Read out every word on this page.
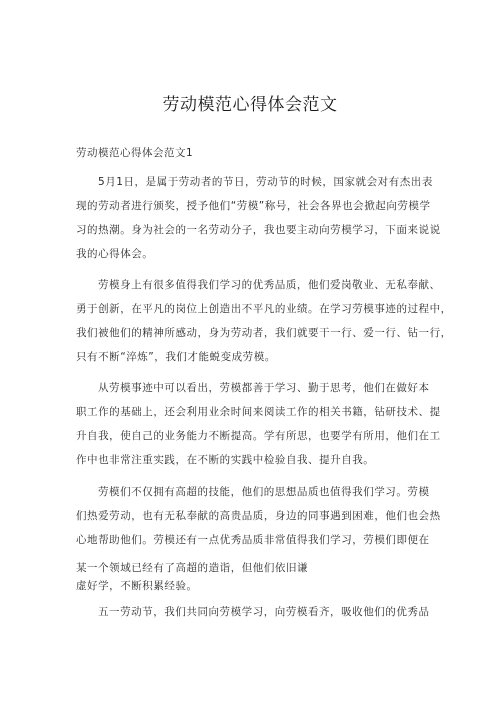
劳动模范心得体会范文
劳动模范心得体会范文1
5月1日，是属于劳动者的节日，劳动节的时候，国家就会对有杰出表
现的劳动者进行颁奖，授予他们“劳模”称号，社会各界也会掀起向劳模学
习的热潮。身为社会的一名劳动分子，我也要主动向劳模学习，下面来说说
我的心得体会。
劳模身上有很多值得我们学习的优秀品质，他们爱岗敬业、无私奉献、
勇于创新，在平凡的岗位上创造出不平凡的业绩。在学习劳模事迹的过程中，
我们被他们的精神所感动，身为劳动者，我们就要干一行、爱一行、钻一行，
只有不断“淬炼”，我们才能蜕变成劳模。
从劳模事迹中可以看出，劳模都善于学习、勤于思考，他们在做好本
职工作的基础上，还会利用业余时间来阅读工作的相关书籍，钻研技术、提
升自我，使自己的业务能力不断提高。学有所思，也要学有所用，他们在工
作中也非常注重实践，在不断的实践中检验自我、提升自我。
劳模们不仅拥有高超的技能，他们的思想品质也值得我们学习。劳模
们热爱劳动，也有无私奉献的高贵品质，身边的同事遇到困难，他们也会热
心地帮助他们。劳模还有一点优秀品质非常值得我们学习，劳模们即便在
某一个领域已经有了高超的造诣，但他们依旧谦
虚好学，不断积累经验。
五一劳动节，我们共同向劳模学习，向劳模看齐，吸收他们的优秀品
